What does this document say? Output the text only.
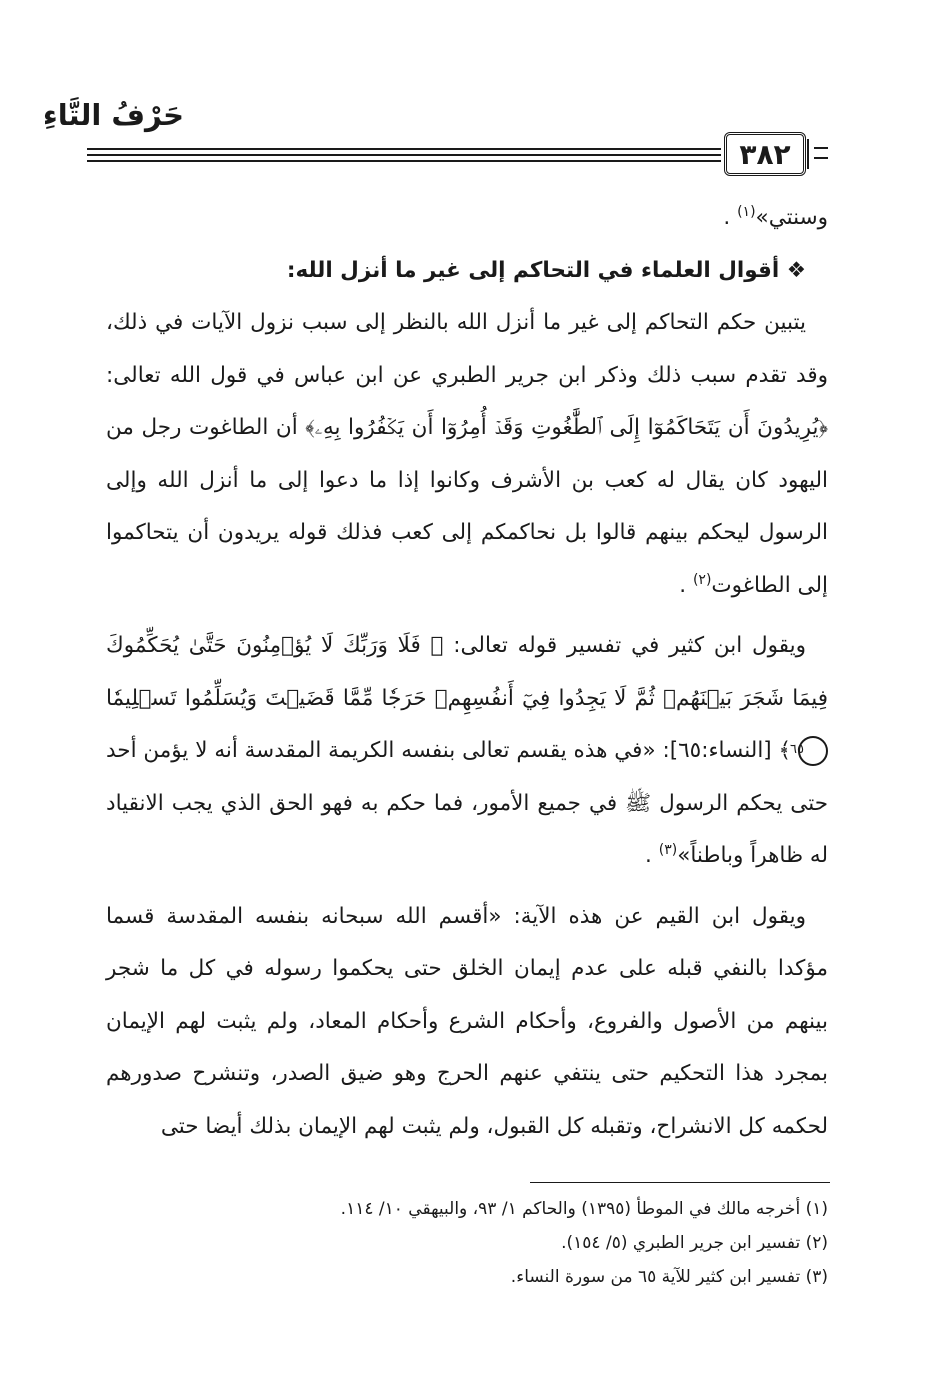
حَرْفُ التَّاءِ
٣٨٢

وسنتي»$^{(١)}$ .

❖ أقوال العلماء في التحاكم إلى غير ما أنزل الله:

يتبين حكم التحاكم إلى غير ما أنزل الله بالنظر إلى سبب نزول الآيات في ذلك، وقد تقدم سبب ذلك وذكر ابن جرير الطبري عن ابن عباس في قول الله تعالى: ﴿يُرِيدُونَ أَن يَتَحَاكَمُوٓا إِلَى ٱلطَّٰغُوتِ وَقَدۡ أُمِرُوٓا أَن يَكۡفُرُوا بِهِۦ﴾ أن الطاغوت رجل من اليهود كان يقال له كعب بن الأشرف وكانوا إذا ما دعوا إلى ما أنزل الله وإلى الرسول ليحكم بينهم قالوا بل نحاكمكم إلى كعب فذلك قوله يريدون أن يتحاكموا إلى الطاغوت$^{(٢)}$ .

ويقول ابن كثير في تفسير قوله تعالى: ﴿ فَلَا وَرَبِّكَ لَا يُؤۡمِنُونَ حَتَّىٰ يُحَكِّمُوكَ فِيمَا شَجَرَ بَيۡنَهُمۡ ثُمَّ لَا يَجِدُوا فِيٓ أَنفُسِهِمۡ حَرَجٗا مِّمَّا قَضَيۡتَ وَيُسَلِّمُوا تَسۡلِيمٗا ٦٥ ﴾ [النساء:٦٥]: «في هذه يقسم تعالى بنفسه الكريمة المقدسة أنه لا يؤمن أحد حتى يحكم الرسول ﷺ في جميع الأمور، فما حكم به فهو الحق الذي يجب الانقياد له ظاهراً وباطناً»$^{(٣)}$ .

ويقول ابن القيم عن هذه الآية: «أقسم الله سبحانه بنفسه المقدسة قسما مؤكدا بالنفي قبله على عدم إيمان الخلق حتى يحكموا رسوله في كل ما شجر بينهم من الأصول والفروع، وأحكام الشرع وأحكام المعاد، ولم يثبت لهم الإيمان بمجرد هذا التحكيم حتى ينتفي عنهم الحرج وهو ضيق الصدر، وتنشرح صدورهم لحكمه كل الانشراح، وتقبله كل القبول، ولم يثبت لهم الإيمان بذلك أيضا حتى

(١) أخرجه مالك في الموطأ (١٣٩٥) والحاكم ١/ ٩٣، والبيهقي ١٠/ ١١٤.

(٢) تفسير ابن جرير الطبري (٥/ ١٥٤).

(٣) تفسير ابن كثير للآية ٦٥ من سورة النساء.
